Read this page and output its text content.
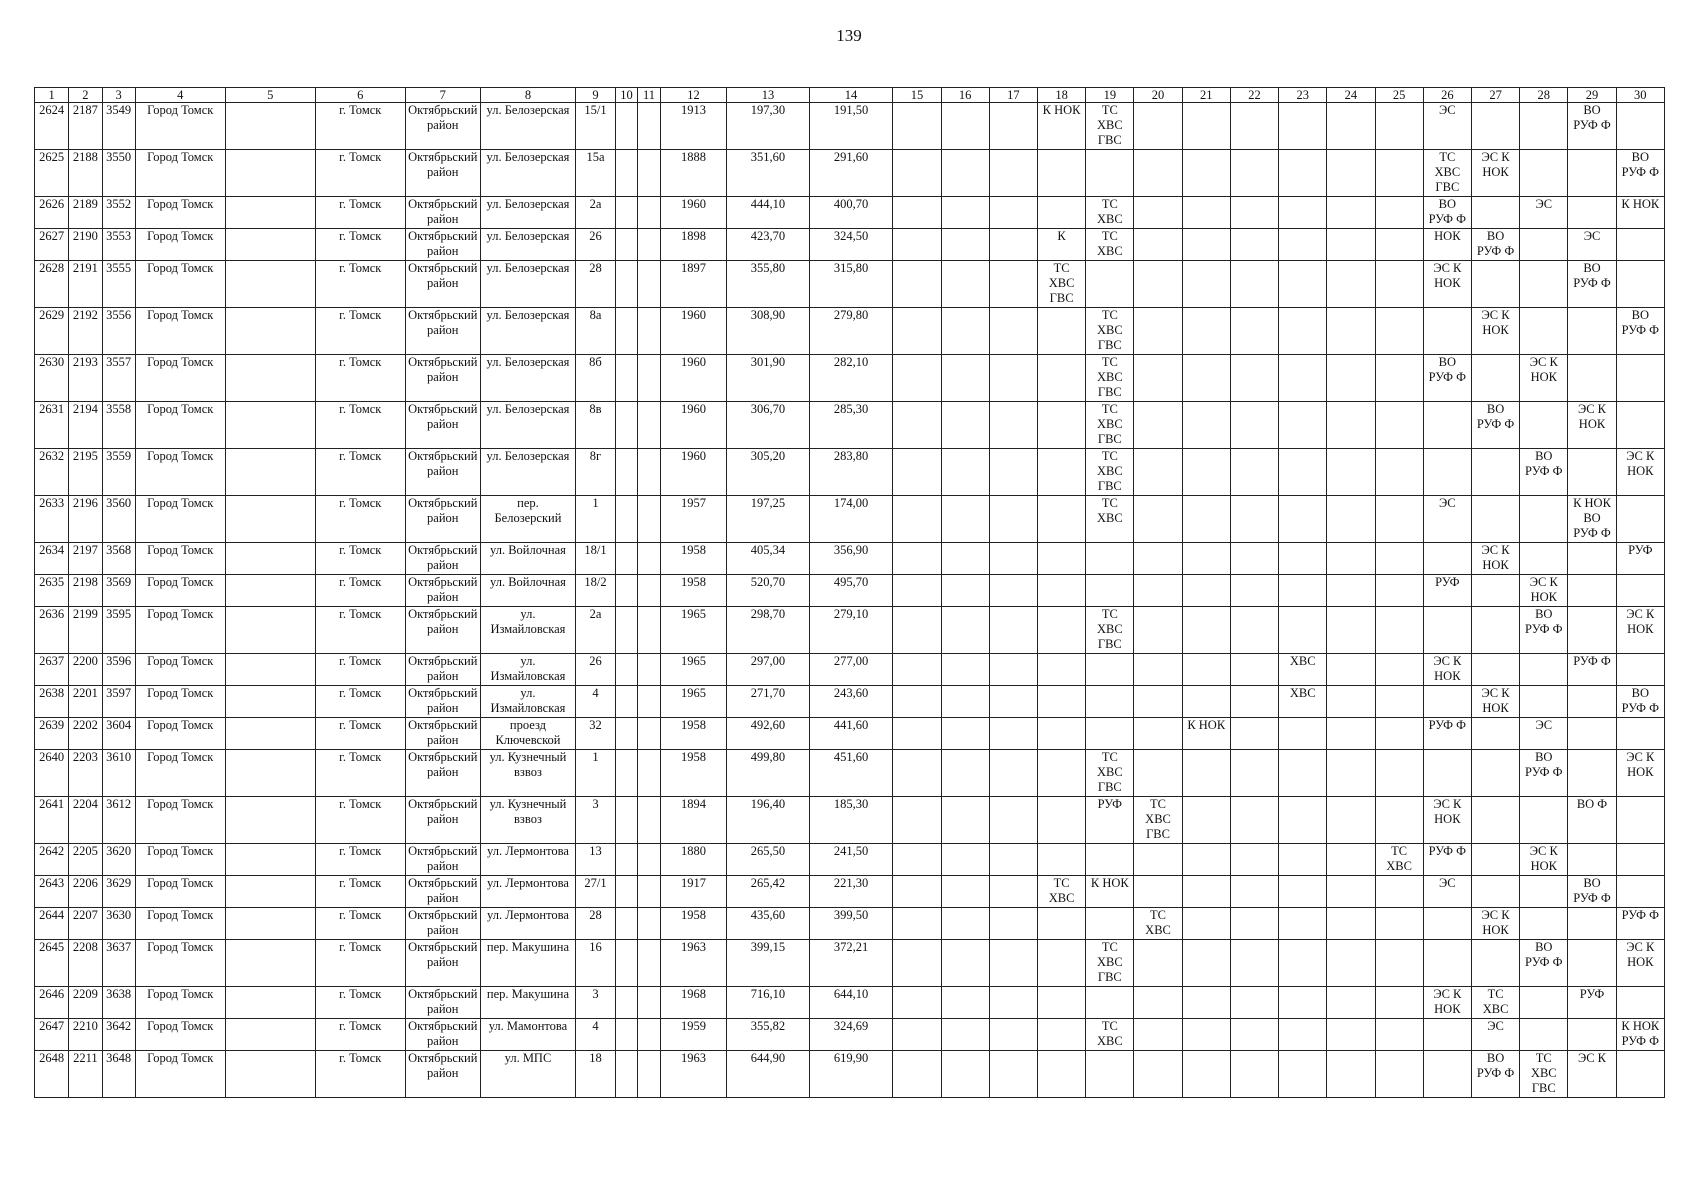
139
1	2	3	4	5	6	7	8	9	10	11	12	13	14	15	16	17	18	19	20	21	22	23	24	25	26	27	28	29	30
2624	2187	3549	Город Томск		г. Томск	Октябрьский район	ул. Белозерская	15/1			1913	197,30	191,50				К НОК	ТС ХВС ГВС							ЭС			ВО РУФ Ф	
2625	2188	3550	Город Томск		г. Томск	Октябрьский район	ул. Белозерская	15а			1888	351,60	291,60												ТС ХВС ГВС	ЭС К НОК			ВО РУФ Ф
2626	2189	3552	Город Томск		г. Томск	Октябрьский район	ул. Белозерская	2а			1960	444,10	400,70					ТС ХВС							ВО РУФ Ф		ЭС		К НОК
2627	2190	3553	Город Томск		г. Томск	Октябрьский район	ул. Белозерская	26			1898	423,70	324,50				К	ТС ХВС							НОК	ВО РУФ Ф		ЭС	
2628	2191	3555	Город Томск		г. Томск	Октябрьский район	ул. Белозерская	28			1897	355,80	315,80				ТС ХВС ГВС								ЭС К НОК			ВО РУФ Ф	
2629	2192	3556	Город Томск		г. Томск	Октябрьский район	ул. Белозерская	8а			1960	308,90	279,80					ТС ХВС ГВС								ЭС К НОК			ВО РУФ Ф
2630	2193	3557	Город Томск		г. Томск	Октябрьский район	ул. Белозерская	8б			1960	301,90	282,10					ТС ХВС ГВС							ВО РУФ Ф		ЭС К НОК		
2631	2194	3558	Город Томск		г. Томск	Октябрьский район	ул. Белозерская	8в			1960	306,70	285,30					ТС ХВС ГВС								ВО РУФ Ф		ЭС К НОК	
2632	2195	3559	Город Томск		г. Томск	Октябрьский район	ул. Белозерская	8г			1960	305,20	283,80					ТС ХВС ГВС									ВО РУФ Ф		ЭС К НОК
2633	2196	3560	Город Томск		г. Томск	Октябрьский район	пер. Белозерский	1			1957	197,25	174,00					ТС ХВС							ЭС			К НОК ВО РУФ Ф	
2634	2197	3568	Город Томск		г. Томск	Октябрьский район	ул. Войлочная	18/1			1958	405,34	356,90													ЭС К НОК			РУФ
2635	2198	3569	Город Томск		г. Томск	Октябрьский район	ул. Войлочная	18/2			1958	520,70	495,70												РУФ		ЭС К НОК		
2636	2199	3595	Город Томск		г. Томск	Октябрьский район	ул. Измайловская	2а			1965	298,70	279,10					ТС ХВС ГВС									ВО РУФ Ф		ЭС К НОК
2637	2200	3596	Город Томск		г. Томск	Октябрьский район	ул. Измайловская	26			1965	297,00	277,00									ХВС			ЭС К НОК			РУФ Ф	
2638	2201	3597	Город Томск		г. Томск	Октябрьский район	ул. Измайловская	4			1965	271,70	243,60									ХВС				ЭС К НОК			ВО РУФ Ф
2639	2202	3604	Город Томск		г. Томск	Октябрьский район	проезд Ключевской	32			1958	492,60	441,60							К НОК					РУФ Ф		ЭС		
2640	2203	3610	Город Томск		г. Томск	Октябрьский район	ул. Кузнечный взвоз	1			1958	499,80	451,60					ТС ХВС ГВС									ВО РУФ Ф		ЭС К НОК
2641	2204	3612	Город Томск		г. Томск	Октябрьский район	ул. Кузнечный взвоз	3			1894	196,40	185,30					РУФ	ТС ХВС ГВС						ЭС К НОК			ВО Ф	
2642	2205	3620	Город Томск		г. Томск	Октябрьский район	ул. Лермонтова	13			1880	265,50	241,50											ТС ХВС	РУФ Ф		ЭС К НОК		
2643	2206	3629	Город Томск		г. Томск	Октябрьский район	ул. Лермонтова	27/1			1917	265,42	221,30				ТС ХВС	К НОК							ЭС			ВО РУФ Ф	
2644	2207	3630	Город Томск		г. Томск	Октябрьский район	ул. Лермонтова	28			1958	435,60	399,50						ТС ХВС							ЭС К НОК			РУФ Ф
2645	2208	3637	Город Томск		г. Томск	Октябрьский район	пер. Макушина	16			1963	399,15	372,21					ТС ХВС ГВС									ВО РУФ Ф		ЭС К НОК
2646	2209	3638	Город Томск		г. Томск	Октябрьский район	пер. Макушина	3			1968	716,10	644,10												ЭС К НОК	ТС ХВС		РУФ	
2647	2210	3642	Город Томск		г. Томск	Октябрьский район	ул. Мамонтова	4			1959	355,82	324,69					ТС ХВС								ЭС			К НОК РУФ Ф
2648	2211	3648	Город Томск		г. Томск	Октябрьский район	ул. МПС	18			1963	644,90	619,90													ВО РУФ Ф	ТС ХВС ГВС	ЭС К	
